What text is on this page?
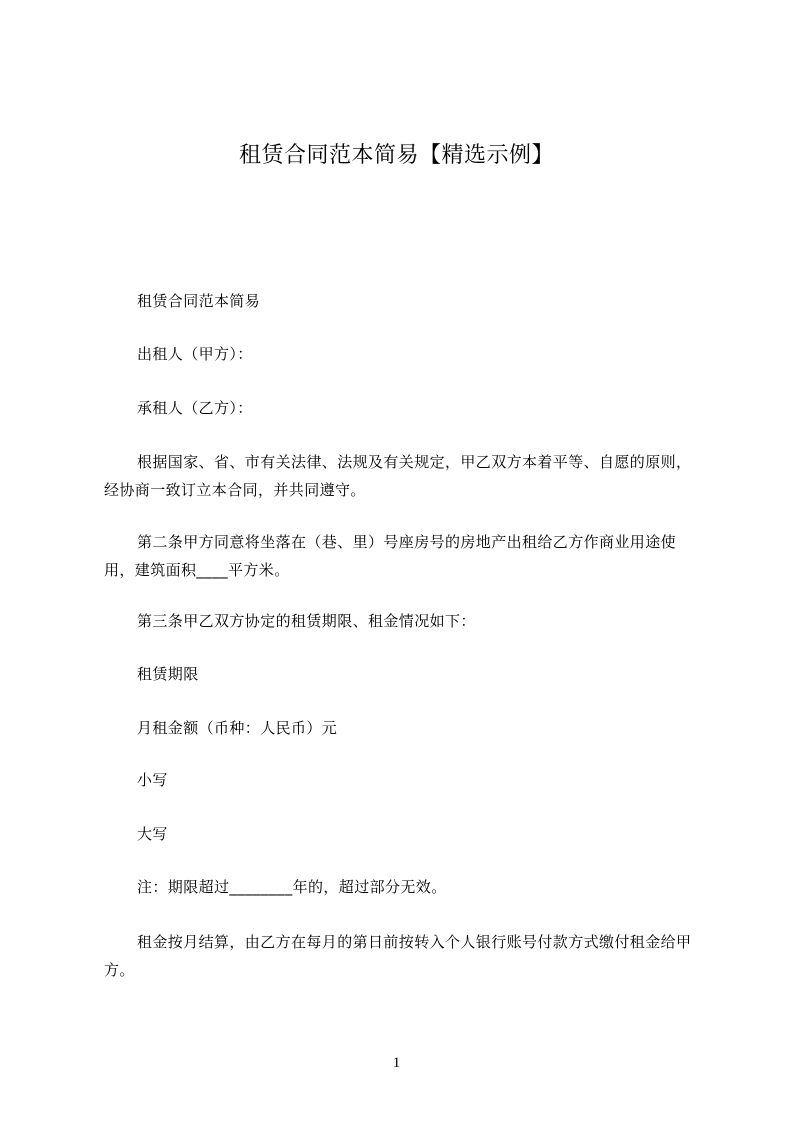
租赁合同范本简易【精选示例】
租赁合同范本简易
出租人（甲方）：
承租人（乙方）：
根据国家、省、市有关法律、法规及有关规定，甲乙双方本着平等、自愿的原则，经协商一致订立本合同，并共同遵守。
第二条甲方同意将坐落在（巷、里）号座房号的房地产出租给乙方作商业用途使用，建筑面积____平方米。
第三条甲乙双方协定的租赁期限、租金情况如下：
租赁期限
月租金额（币种：人民币）元
小写
大写
注：期限超过________年的，超过部分无效。
租金按月结算，由乙方在每月的第日前按转入个人银行账号付款方式缴付租金给甲方。
1
